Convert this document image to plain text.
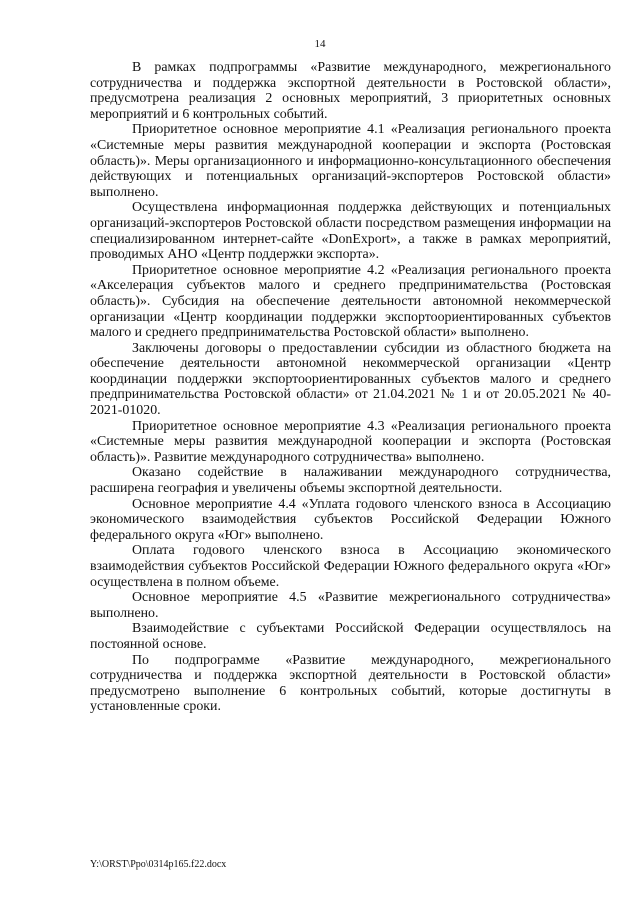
14

В рамках подпрограммы «Развитие международного, межрегионального сотрудничества и поддержка экспортной деятельности в Ростовской области», предусмотрена реализация 2 основных мероприятий, 3 приоритетных основных мероприятий и 6 контрольных событий.

Приоритетное основное мероприятие 4.1 «Реализация регионального проекта «Системные меры развития международной кооперации и экспорта (Ростовская область)». Меры организационного и информационно-консультационного обеспечения действующих и потенциальных организаций-экспортеров Ростовской области» выполнено.

Осуществлена информационная поддержка действующих и потенциальных организаций-экспортеров Ростовской области посредством размещения информации на специализированном интернет-сайте «DonExport», а также в рамках мероприятий, проводимых АНО «Центр поддержки экспорта».

Приоритетное основное мероприятие 4.2 «Реализация регионального проекта «Акселерация субъектов малого и среднего предпринимательства (Ростовская область)». Субсидия на обеспечение деятельности автономной некоммерческой организации «Центр координации поддержки экспортоориентированных субъектов малого и среднего предпринимательства Ростовской области» выполнено.

Заключены договоры о предоставлении субсидии из областного бюджета на обеспечение деятельности автономной некоммерческой организации «Центр координации поддержки экспортоориентированных субъектов малого и среднего предпринимательства Ростовской области» от 21.04.2021 № 1 и от 20.05.2021 № 40-2021-01020.

Приоритетное основное мероприятие 4.3 «Реализация регионального проекта «Системные меры развития международной кооперации и экспорта (Ростовская область)». Развитие международного сотрудничества» выполнено.

Оказано содействие в налаживании международного сотрудничества, расширена география и увеличены объемы экспортной деятельности.

Основное мероприятие 4.4 «Уплата годового членского взноса в Ассоциацию экономического взаимодействия субъектов Российской Федерации Южного федерального округа «Юг» выполнено.

Оплата годового членского взноса в Ассоциацию экономического взаимодействия субъектов Российской Федерации Южного федерального округа «Юг» осуществлена в полном объеме.

Основное мероприятие 4.5 «Развитие межрегионального сотрудничества» выполнено.

Взаимодействие с субъектами Российской Федерации осуществлялось на постоянной основе.

По подпрограмме «Развитие международного, межрегионального сотрудничества и поддержка экспортной деятельности в Ростовской области» предусмотрено выполнение 6 контрольных событий, которые достигнуты в установленные сроки.

Y:\ORST\Ppo\0314p165.f22.docx
